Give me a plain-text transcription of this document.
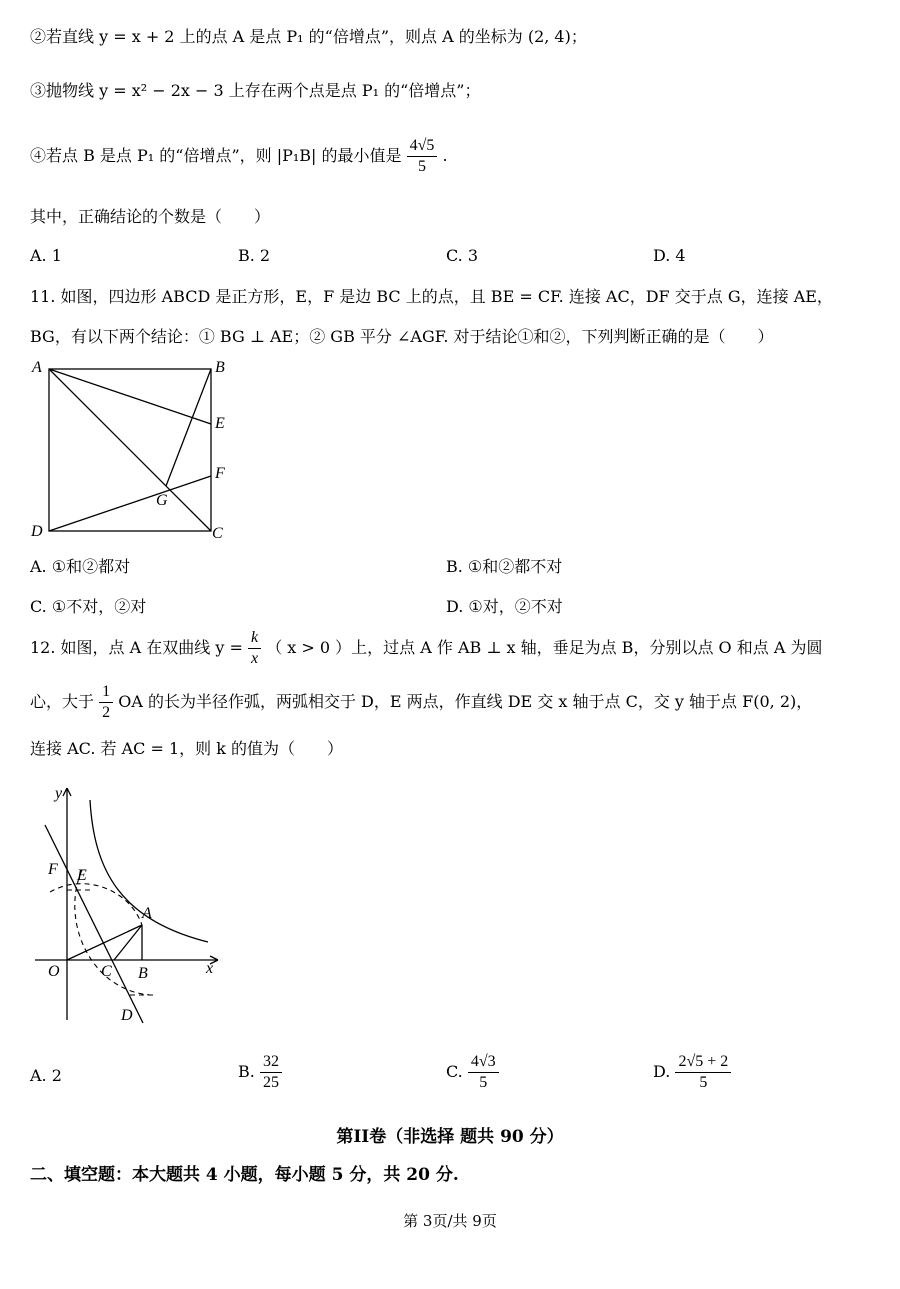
②若直线 y = x + 2 上的点 A 是点 P₁ 的“倍增点”，则点 A 的坐标为 (2, 4)；
③抛物线 y = x² − 2x − 3 上存在两个点是点 P₁ 的“倍增点”；
④若点 B 是点 P₁ 的“倍增点”，则 |P₁B| 的最小值是 $\frac{4√5}{5}$ .
其中，正确结论的个数是（　　）
A. 1	B. 2	C. 3	D. 4
11. 如图，四边形 ABCD 是正方形，E，F 是边 BC 上的点，且 BE = CF. 连接 AC，DF 交于点 G，连接 AE，
BG，有以下两个结论：① BG ⊥ AE；② GB 平分 ∠AGF. 对于结论①和②，下列判断正确的是（　　）
A	B
E
F
G
D	C
A. ①和②都对	B. ①和②都不对
C. ①不对，②对	D. ①对，②不对
12. 如图，点 A 在双曲线 $y = \frac{k}{x}$ （ x > 0 ）上，过点 A 作 AB ⊥ x 轴，垂足为点 B，分别以点 O 和点 A 为圆
心，大于 $\frac{1}{2}$ OA 的长为半径作弧，两弧相交于 D，E 两点，作直线 DE 交 x 轴于点 C，交 y 轴于点 F(0, 2)，
连接 AC. 若 AC = 1，则 k 的值为（　　）
y
x
O
A
B
C
D
E
F
A. 2	B. $\frac{32}{25}$	C. $\frac{4√3}{5}$	D. $\frac{2√5 + 2}{5}$
第II卷（非选择 题共 90 分）
二、填空题：本大题共 4 小题，每小题 5 分，共 20 分.
第 3页/共 9页
